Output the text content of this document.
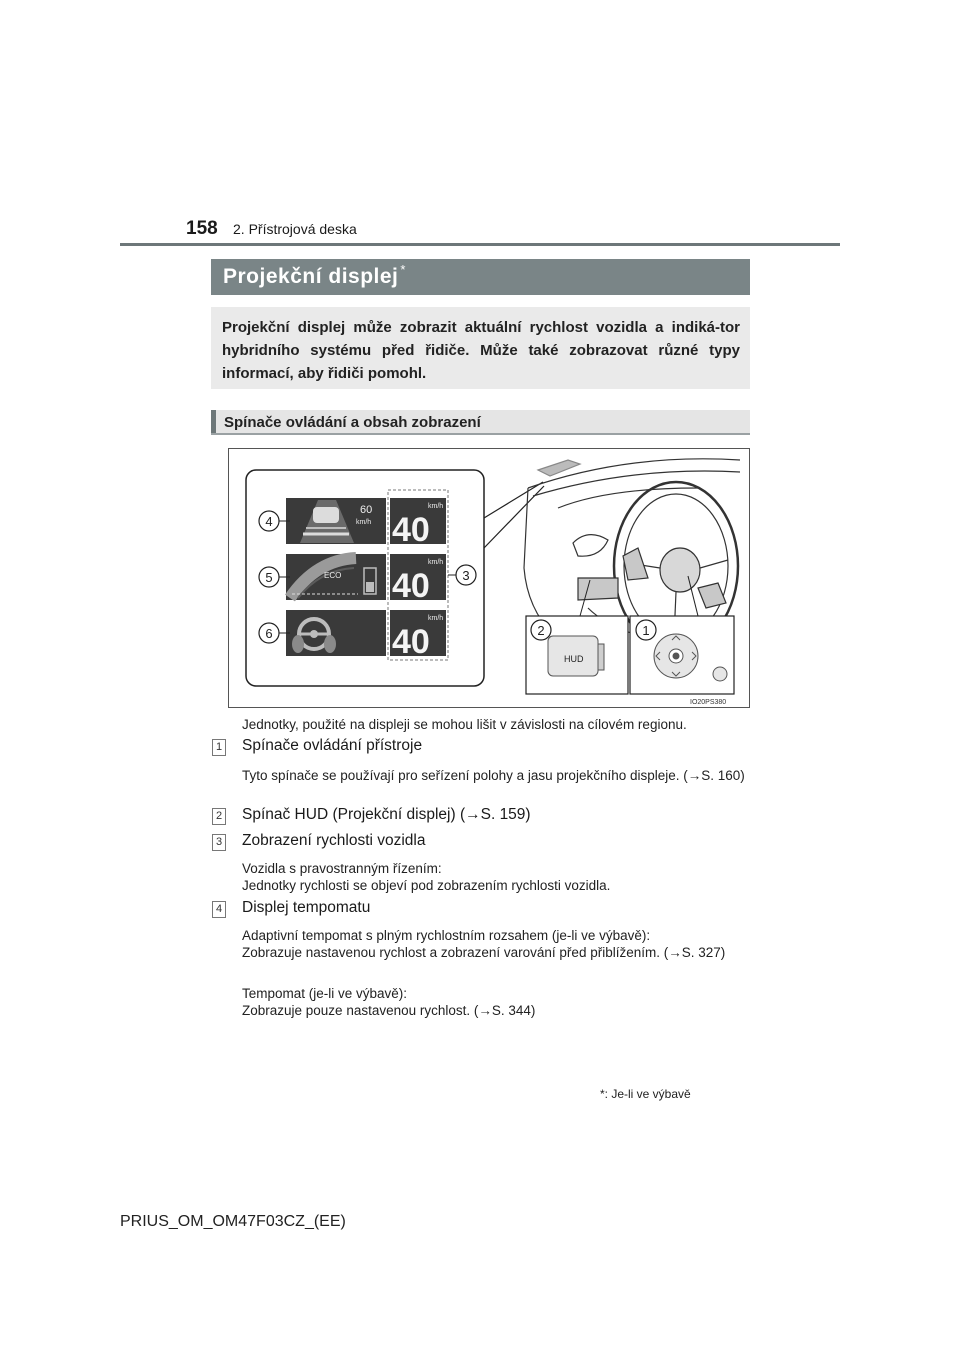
158 2. Přístrojová deska
Projekční displej *
Projekční displej může zobrazit aktuální rychlost vozidla a indiká-tor hybridního systému před řidiče. Může také zobrazovat různé typy informací, aby řidiči pomohl.
Spínače ovládání a obsah zobrazení
60
km/h
km/h
40
ECO
km/h
40
km/h
40
4
5
6
3
HUD
2	1
IO20PS380
Jednotky, použité na displeji se mohou lišit v závislosti na cílovém regionu.
1 Spínače ovládání přístroje
Tyto spínače se používají pro seřízení polohy a jasu projekčního displeje. (→S. 160)
2 Spínač HUD (Projekční displej) (→S. 159)
3 Zobrazení rychlosti vozidla
Vozidla s pravostranným řízením:
Jednotky rychlosti se objeví pod zobrazením rychlosti vozidla.
4 Displej tempomatu
Adaptivní tempomat s plným rychlostním rozsahem (je-li ve výbavě):
Zobrazuje nastavenou rychlost a zobrazení varování před přiblížením. (→S. 327)
Tempomat (je-li ve výbavě):
Zobrazuje pouze nastavenou rychlost. (→S. 344)
*: Je-li ve výbavě
PRIUS_OM_OM47F03CZ_(EE)
